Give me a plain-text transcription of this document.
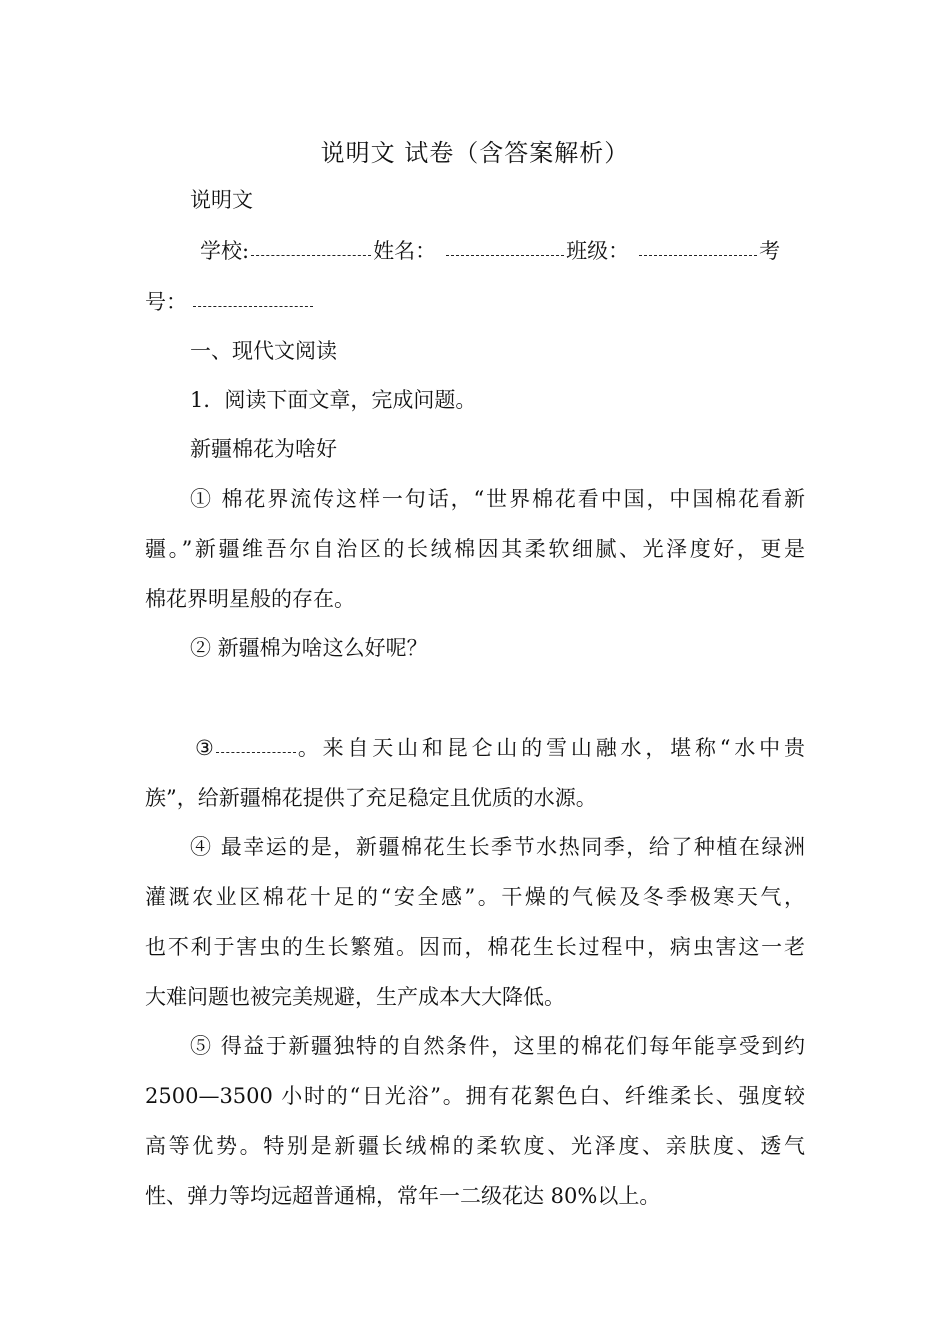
说明文 试卷（含答案解析）
说明文
学校:	姓名：	班级：	考
号：
一、现代文阅读
1．阅读下面文章，完成问题。
新疆棉花为啥好
① 棉花界流传这样一句话，“世界棉花看中国，中国棉花看新
疆。”新疆维吾尔自治区的长绒棉因其柔软细腻、光泽度好，更是
棉花界明星般的存在。
② 新疆棉为啥这么好呢？
③	。来自天山和昆仑山的雪山融水，堪称“水中贵
族”，给新疆棉花提供了充足稳定且优质的水源。
④ 最幸运的是，新疆棉花生长季节水热同季，给了种植在绿洲
灌溉农业区棉花十足的“安全感”。干燥的气候及冬季极寒天气，
也不利于害虫的生长繁殖。因而，棉花生长过程中，病虫害这一老
大难问题也被完美规避，生产成本大大降低。
⑤ 得益于新疆独特的自然条件，这里的棉花们每年能享受到约
2500—3500 小时的“日光浴”。拥有花絮色白、纤维柔长、强度较
高等优势。特别是新疆长绒棉的柔软度、光泽度、亲肤度、透气
性、弹力等均远超普通棉，常年一二级花达 80%以上。
